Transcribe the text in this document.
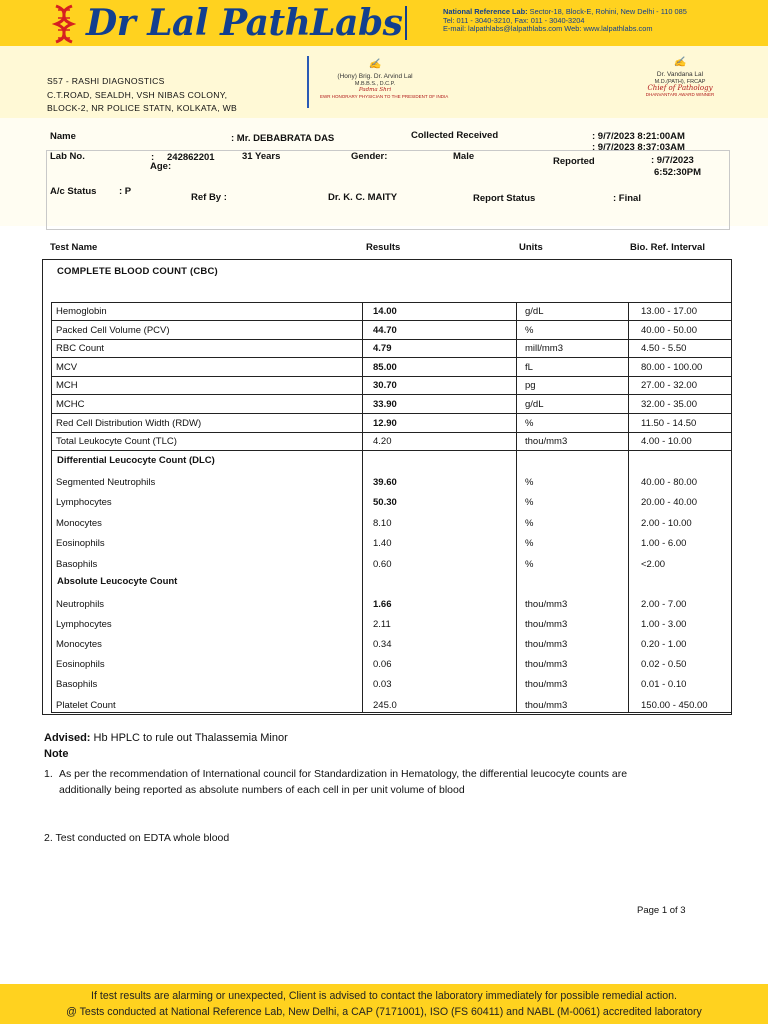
Dr Lal PathLabs	National Reference Lab: Sector-18, Block-E, Rohini, New Delhi - 110 085
Tel: 011 - 3040-3210, Fax: 011 - 3040-3204
E-mail: lalpathlabs@lalpathlabs.com Web: www.lalpathlabs.com
S57 - RASHI DIAGNOSTICS
C.T.ROAD, SEALDH, VSH NIBAS COLONY,
BLOCK-2, NR POLICE STATN, KOLKATA, WB
✍
(Hony) Brig. Dr. Arvind Lal
M.B.B.S., D.C.P.
Padma Shri
EWR HONORARY PHYSICIAN TO THE PRESIDENT OF INDIA
✍
Dr. Vandana Lal
M.D.(PATH), FRCAP
Chief of Pathology
DHANVANTARI AWARD WINNER
Name	: Mr. DEBABRATA DAS	Collected Received	: 9/7/2023 8:21:00AM
: 9/7/2023 8:37:03AM
Lab No.	: 242862201
Age:
31 Years	Gender:	Male	Reported	: 9/7/2023
6:52:30PM
A/c Status : P
Ref By :	Dr. K. C. MAITY	Report Status	: Final
Test Name	Results	Units	Bio. Ref. Interval
COMPLETE BLOOD COUNT (CBC)
Hemoglobin	14.00	g/dL	13.00 - 17.00
Packed Cell Volume (PCV)	44.70	%	40.00 - 50.00
RBC Count	4.79	mill/mm3	4.50 - 5.50
MCV	85.00	fL	80.00 - 100.00
MCH	30.70	pg	27.00 - 32.00
MCHC	33.90	g/dL	32.00 - 35.00
Red Cell Distribution Width (RDW)	12.90	%	11.50 - 14.50
Total Leukocyte Count (TLC)	4.20	thou/mm3	4.00 - 10.00
Differential Leucocyte Count (DLC)
Segmented Neutrophils	39.60	%	40.00 - 80.00
Lymphocytes	50.30	%	20.00 - 40.00
Monocytes	8.10	%	2.00 - 10.00
Eosinophils	1.40	%	1.00 - 6.00
Basophils	0.60	%	<2.00
Absolute Leucocyte Count
Neutrophils	1.66	thou/mm3	2.00 - 7.00
Lymphocytes	2.11	thou/mm3	1.00 - 3.00
Monocytes	0.34	thou/mm3	0.20 - 1.00
Eosinophils	0.06	thou/mm3	0.02 - 0.50
Basophils	0.03	thou/mm3	0.01 - 0.10
Platelet Count	245.0	thou/mm3	150.00 - 450.00
Advised: Hb HPLC to rule out Thalassemia Minor
Note
1. As per the recommendation of International council for Standardization in Hematology, the differential leucocyte counts are additionally being reported as absolute numbers of each cell in per unit volume of blood
2. Test conducted on EDTA whole blood
Page 1 of 3
If test results are alarming or unexpected, Client is advised to contact the laboratory immediately for possible remedial action.
@ Tests conducted at National Reference Lab, New Delhi, a CAP (7171001), ISO (FS 60411) and NABL (M-0061) accredited laboratory
